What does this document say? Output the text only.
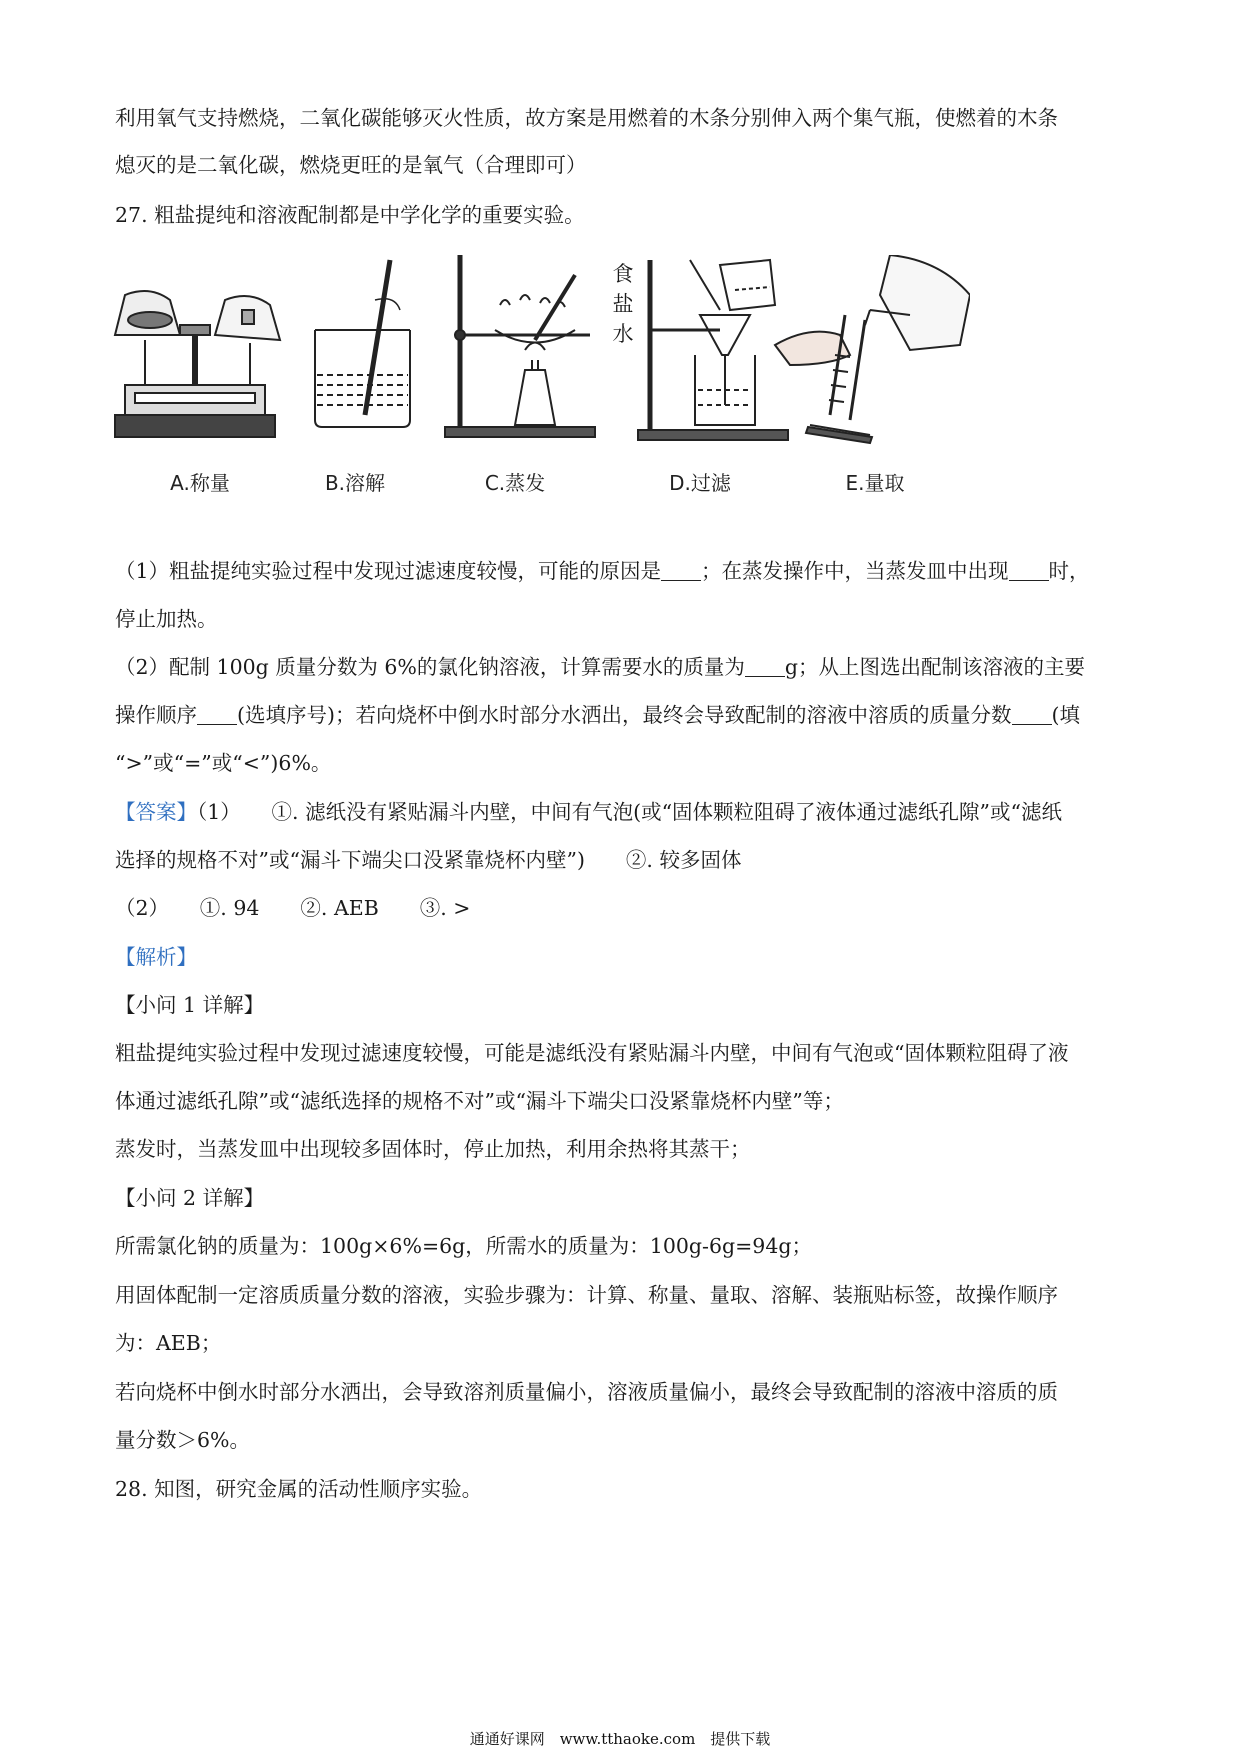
利用氧气支持燃烧，二氧化碳能够灭火性质，故方案是用燃着的木条分别伸入两个集气瓶，使燃着的木条
熄灭的是二氧化碳，燃烧更旺的是氧气（合理即可）
27. 粗盐提纯和溶液配制都是中学化学的重要实验。
A.称量	B.溶解
食
盐
水
C.蒸发	D.过滤	E.量取
（1）粗盐提纯实验过程中发现过滤速度较慢，可能的原因是 ；在蒸发操作中，当蒸发皿中出现 时，
停止加热。
（2）配制 100g 质量分数为 6%的氯化钠溶液，计算需要水的质量为 g；从上图选出配制该溶液的主要
操作顺序 (选填序号)；若向烧杯中倒水时部分水洒出，最终会导致配制的溶液中溶质的质量分数 (填
“>”或“=”或“<”)6%。
【答案】（1）　　①. 滤纸没有紧贴漏斗内壁，中间有气泡(或“固体颗粒阻碍了液体通过滤纸孔隙”或“滤纸
选择的规格不对”或“漏斗下端尖口没紧靠烧杯内壁”)　　②. 较多固体
（2）　　①. 94　　②. AEB　　③. >
【解析】
【小问 1 详解】
粗盐提纯实验过程中发现过滤速度较慢，可能是滤纸没有紧贴漏斗内壁，中间有气泡或“固体颗粒阻碍了液
体通过滤纸孔隙”或“滤纸选择的规格不对”或“漏斗下端尖口没紧靠烧杯内壁”等；
蒸发时，当蒸发皿中出现较多固体时，停止加热，利用余热将其蒸干；
【小问 2 详解】
所需氯化钠的质量为：100g×6%=6g，所需水的质量为：100g-6g=94g；
用固体配制一定溶质质量分数的溶液，实验步骤为：计算、称量、量取、溶解、装瓶贴标签，故操作顺序
为：AEB；
若向烧杯中倒水时部分水洒出，会导致溶剂质量偏小，溶液质量偏小，最终会导致配制的溶液中溶质的质
量分数＞6%。
28. 知图，研究金属的活动性顺序实验。
通通好课网　www.tthaoke.com　提供下载
